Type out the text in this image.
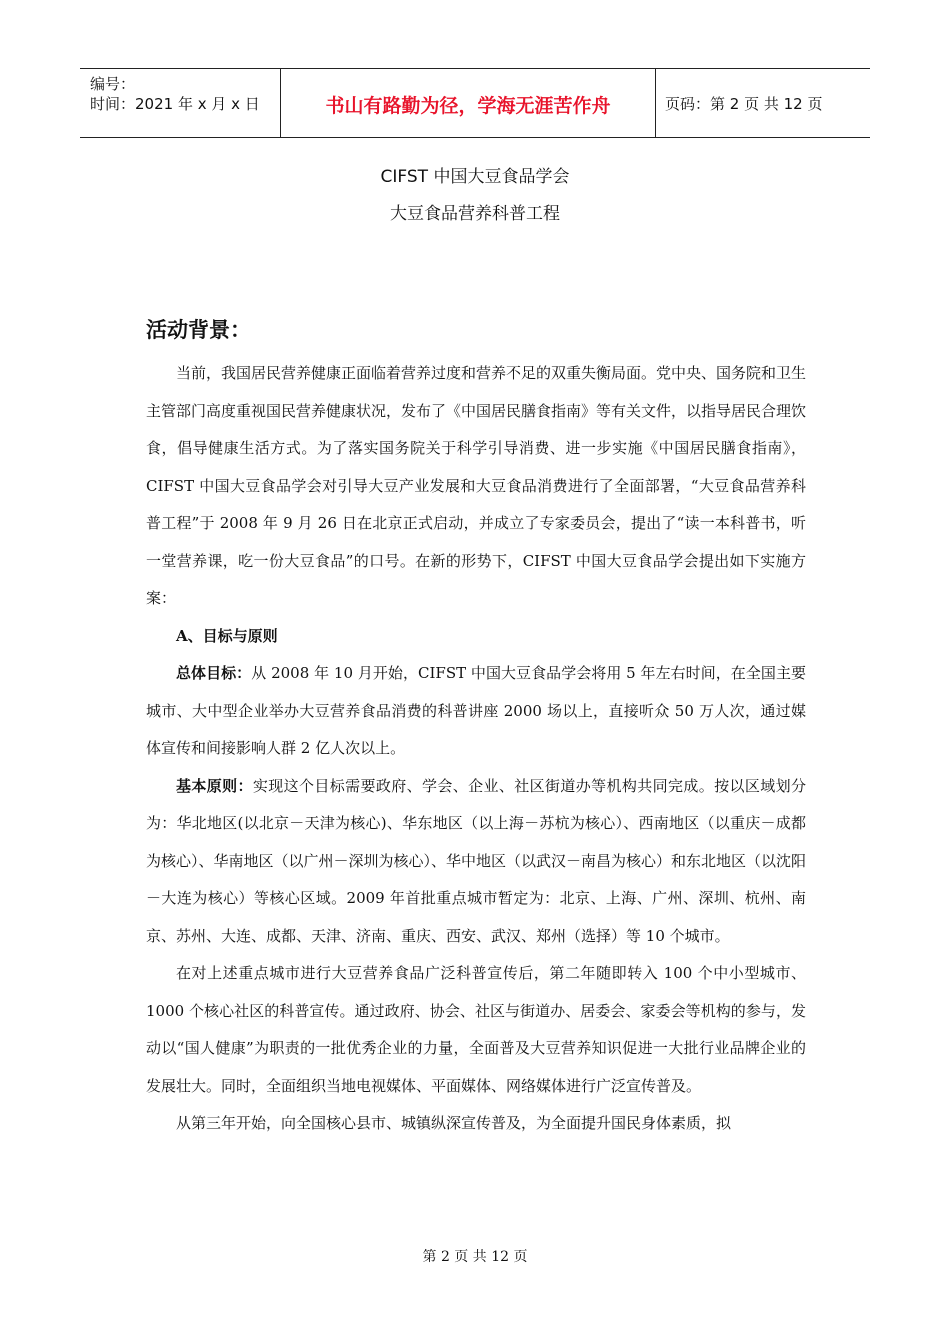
编号：
时间：2021 年 x 月 x 日	书山有路勤为径，学海无涯苦作舟	页码：第 2 页 共 12 页
CIFST 中国大豆食品学会
大豆食品营养科普工程
活动背景：

当前，我国居民营养健康正面临着营养过度和营养不足的双重失衡局面。党中央、国务院和卫生主管部门高度重视国民营养健康状况，发布了《中国居民膳食指南》等有关文件，以指导居民合理饮食，倡导健康生活方式。为了落实国务院关于科学引导消费、进一步实施《中国居民膳食指南》，CIFST 中国大豆食品学会对引导大豆产业发展和大豆食品消费进行了全面部署，“大豆食品营养科普工程”于 2008 年 9 月 26 日在北京正式启动，并成立了专家委员会，提出了“读一本科普书，听一堂营养课，吃一份大豆食品”的口号。在新的形势下，CIFST 中国大豆食品学会提出如下实施方案：

A、目标与原则

总体目标：从 2008 年 10 月开始，CIFST 中国大豆食品学会将用 5 年左右时间，在全国主要城市、大中型企业举办大豆营养食品消费的科普讲座 2000 场以上，直接听众 50 万人次，通过媒体宣传和间接影响人群 2 亿人次以上。

基本原则：实现这个目标需要政府、学会、企业、社区街道办等机构共同完成。按以区域划分为：华北地区(以北京－天津为核心)、华东地区（以上海－苏杭为核心）、西南地区（以重庆－成都为核心）、华南地区（以广州－深圳为核心）、华中地区（以武汉－南昌为核心）和东北地区（以沈阳－大连为核心）等核心区域。2009 年首批重点城市暂定为：北京、上海、广州、深圳、杭州、南京、苏州、大连、成都、天津、济南、重庆、西安、武汉、郑州（选择）等 10 个城市。

在对上述重点城市进行大豆营养食品广泛科普宣传后，第二年随即转入 100 个中小型城市、1000 个核心社区的科普宣传。通过政府、协会、社区与街道办、居委会、家委会等机构的参与，发动以“国人健康”为职责的一批优秀企业的力量，全面普及大豆营养知识促进一大批行业品牌企业的发展壮大。同时，全面组织当地电视媒体、平面媒体、网络媒体进行广泛宣传普及。

从第三年开始，向全国核心县市、城镇纵深宣传普及，为全面提升国民身体素质，拟

第 2 页 共 12 页
